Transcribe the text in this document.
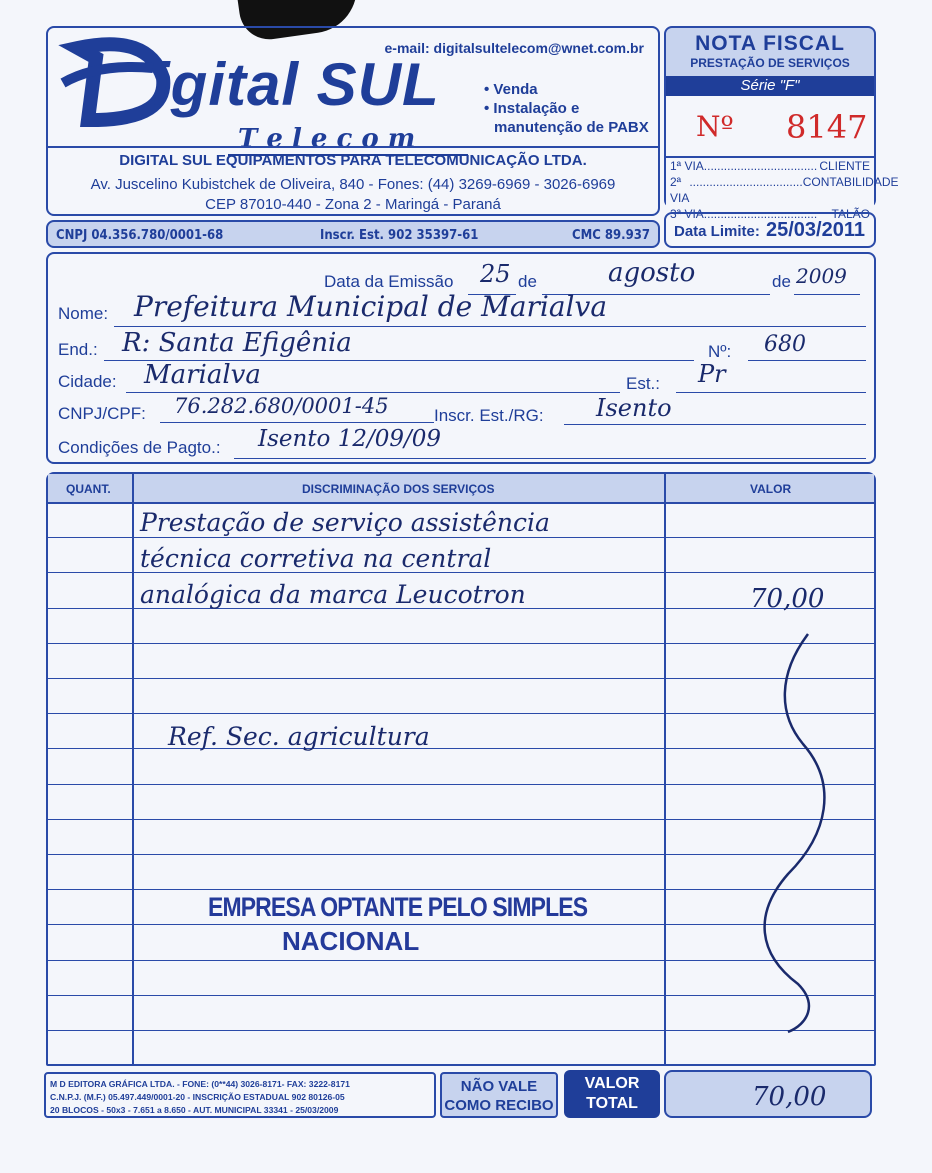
igital SUL
T e l e c o m
e-mail: digitalsultelecom@wnet.com.br
• Venda
• Instalação e
manutenção de PABX
DIGITAL SUL EQUIPAMENTOS PARA TELECOMUNICAÇÃO LTDA.
Av. Juscelino Kubistchek de Oliveira, 840 - Fones: (44) 3269-6969 - 3026-6969
CEP 87010-440 - Zona 2 - Maringá - Paraná
CNPJ 04.356.780/0001-68	Inscr. Est. 902 35397-61	CMC 89.937
NOTA FISCAL
PRESTAÇÃO DE SERVIÇOS
Série "F"
Nº 8147
1ª VIA .................................. CLIENTE
2ª VIA
.................................. CONTABILIDADE
3ª VIA ..................................	TALÃO
Data Limite: 25/03/2011
Data da Emissão 25 de	agosto	de 2009
Nome: Prefeitura Municipal de Marialva
End.: R: Santa Efigênia	Nº: 680
Cidade: Marialva	Est.: Pr
CNPJ/CPF: 76.282.680/0001-45	Inscr. Est./RG: Isento
Condições de Pagto.: Isento 12/09/09
QUANT.	DISCRIMINAÇÃO DOS SERVIÇOS	VALOR
Prestação de serviço assistência
técnica corretiva na central
analógica da marca Leucotron	70,00
Ref. Sec. agricultura
EMPRESA OPTANTE PELO SIMPLES
NACIONAL
M D EDITORA GRÁFICA LTDA. - FONE: (0**44) 3026-8171- FAX: 3222-8171
C.N.P.J. (M.F.) 05.497.449/0001-20 - INSCRIÇÃO ESTADUAL 902 80126-05
20 BLOCOS - 50x3 - 7.651 a 8.650 - AUT. MUNICIPAL 33341 - 25/03/2009
NÃO VALE
COMO RECIBO
VALOR
TOTAL	70,00
